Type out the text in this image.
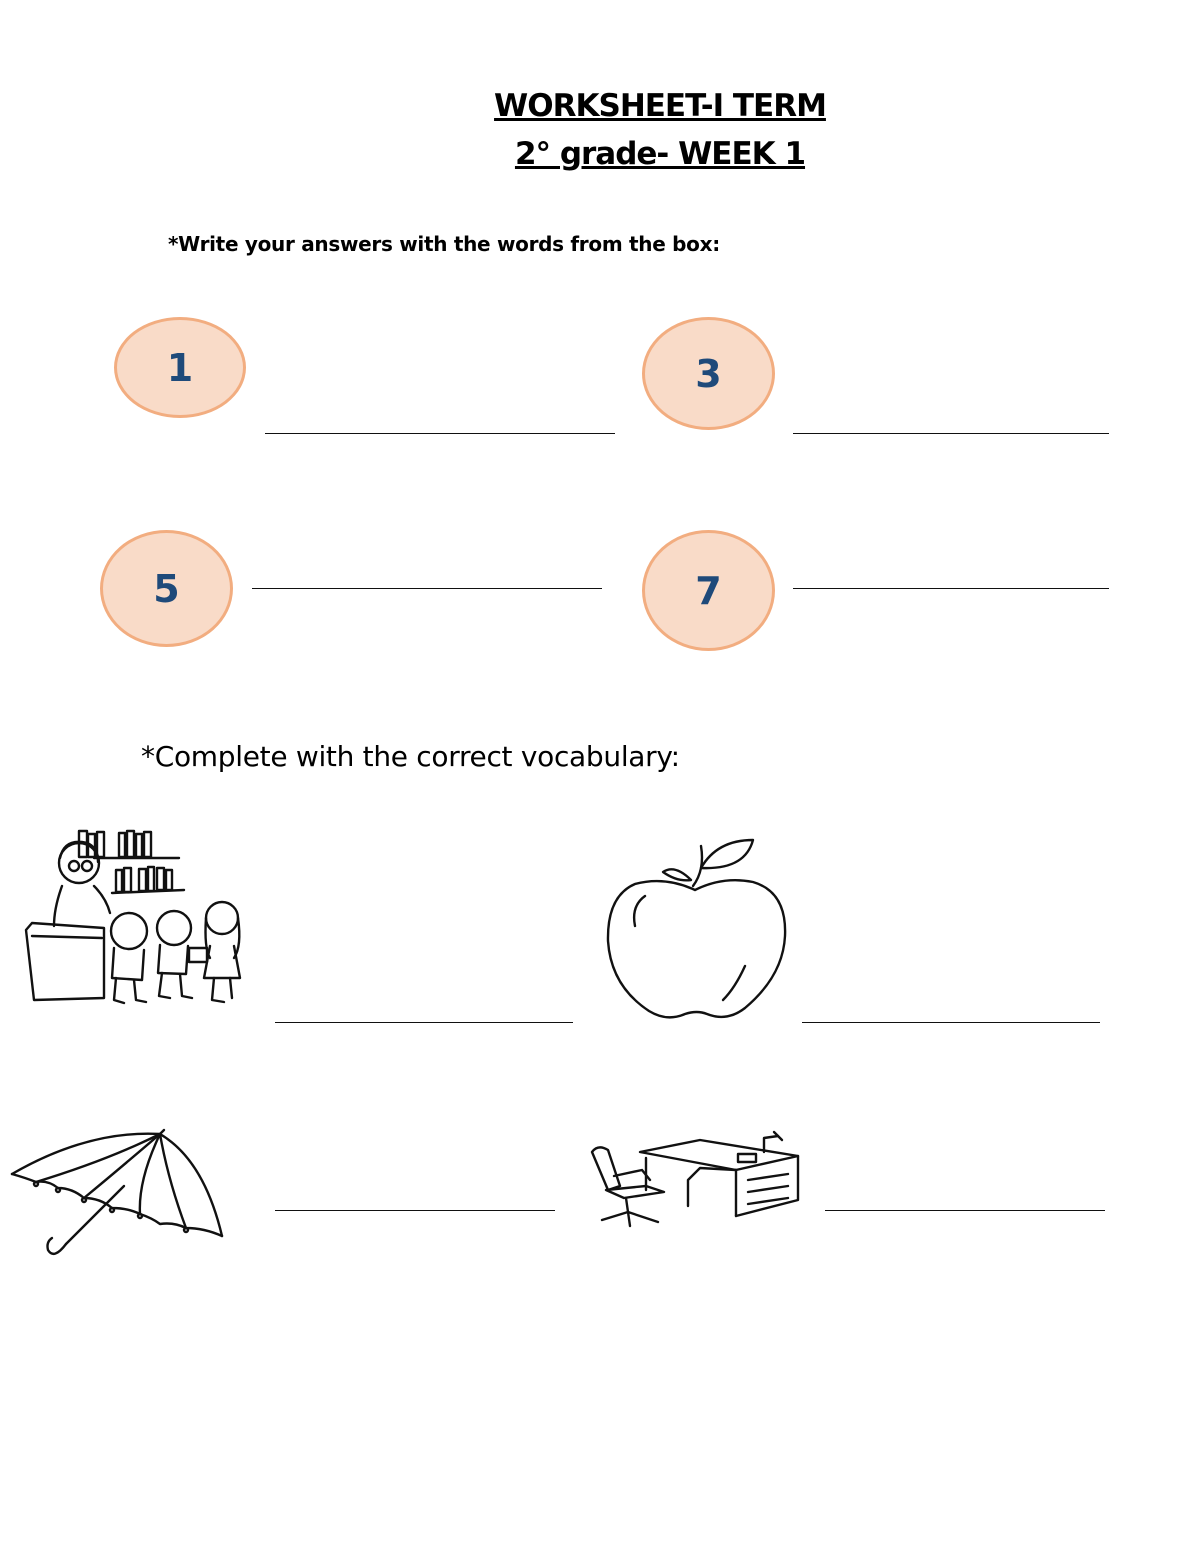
WORKSHEET-I TERM
2° grade- WEEK 1
*Write your answers with the words from the box:
1	3
5	7
*Complete with the correct vocabulary:
